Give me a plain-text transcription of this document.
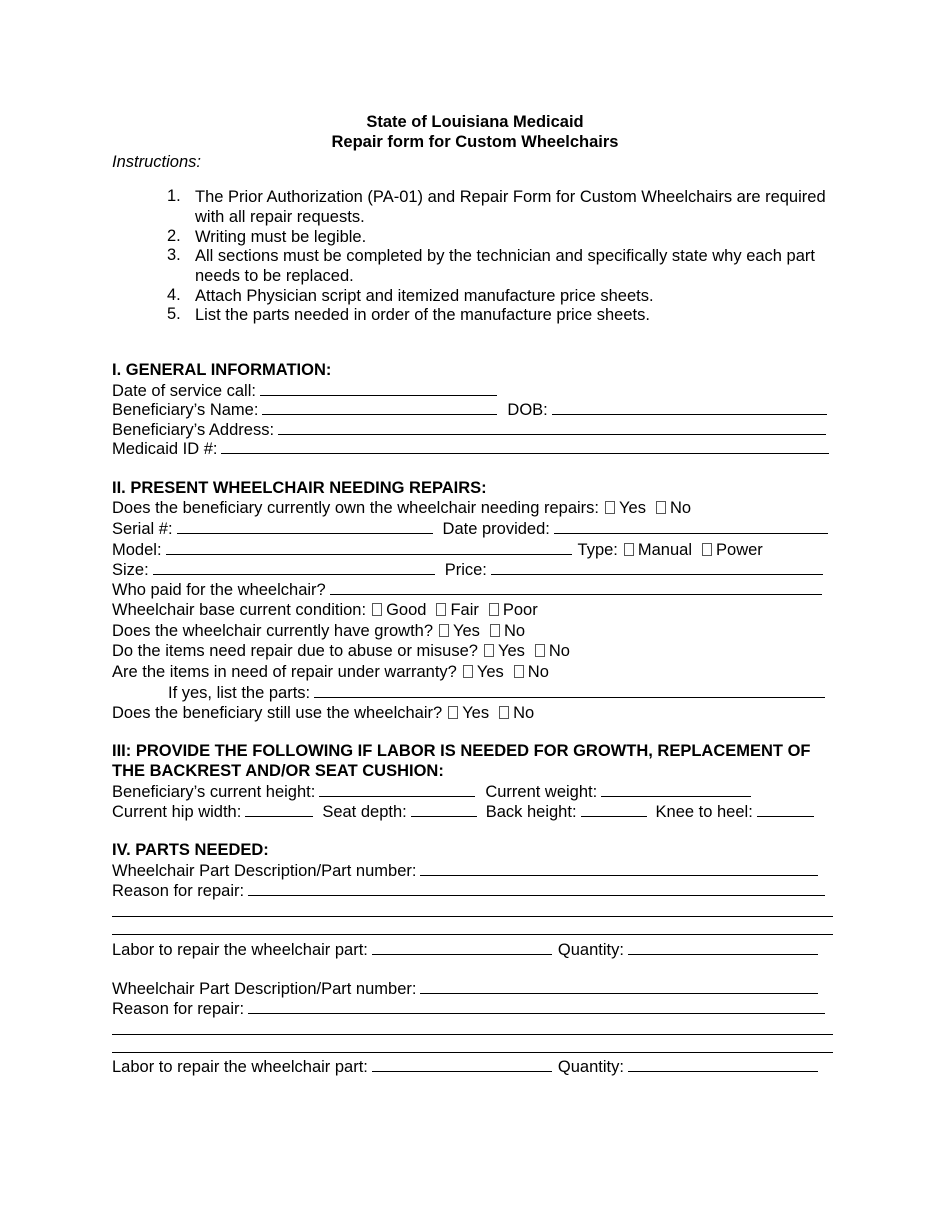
State of Louisiana Medicaid
Repair form for Custom Wheelchairs
Instructions:
1. The Prior Authorization (PA-01) and Repair Form for Custom Wheelchairs are required with all repair requests.
2. Writing must be legible.
3. All sections must be completed by the technician and specifically state why each part needs to be replaced.
4. Attach Physician script and itemized manufacture price sheets.
5. List the parts needed in order of the manufacture price sheets.
I. GENERAL INFORMATION:
Date of service call:
Beneficiary’s Name:	DOB:
Beneficiary’s Address:
Medicaid ID #:
II. PRESENT WHEELCHAIR NEEDING REPAIRS:
Does the beneficiary currently own the wheelchair needing repairs: Yes No
Serial #:	Date provided:
Model:	Type: Manual Power
Size:	Price:
Who paid for the wheelchair?
Wheelchair base current condition: Good Fair Poor
Does the wheelchair currently have growth? Yes No
Do the items need repair due to abuse or misuse? Yes No
Are the items in need of repair under warranty? Yes No
If yes, list the parts:
Does the beneficiary still use the wheelchair? Yes No
III: PROVIDE THE FOLLOWING IF LABOR IS NEEDED FOR GROWTH, REPLACEMENT OF
THE BACKREST AND/OR SEAT CUSHION:
Beneficiary’s current height:	Current weight:
Current hip width:	Seat depth:	Back height:	Knee to heel:
IV. PARTS NEEDED:
Wheelchair Part Description/Part number:
Reason for repair:
Labor to repair the wheelchair part:	Quantity:
Wheelchair Part Description/Part number:
Reason for repair:
Labor to repair the wheelchair part:	Quantity:
